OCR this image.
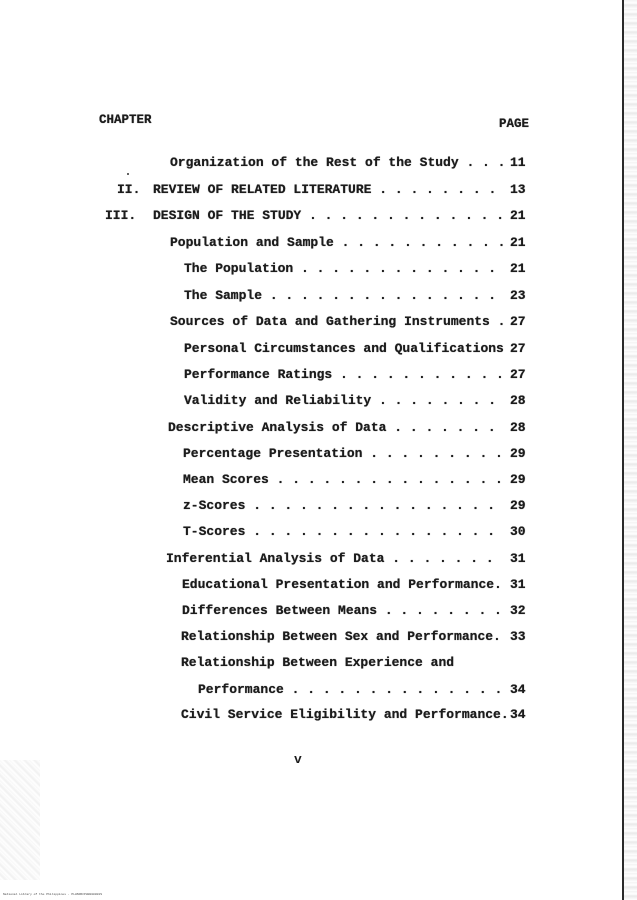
CHAPTER	PAGE
Organization of the Rest of the Study . . . 11
II. REVIEW OF RELATED LITERATURE . . . . . . . . 13
III. DESIGN OF THE STUDY . . . . . . . . . . . . . 21
Population and Sample . . . . . . . . . . . 21
The Population . . . . . . . . . . . . . 21
The Sample . . . . . . . . . . . . . . . 23
Sources of Data and Gathering Instruments . 27
Personal Circumstances and Qualifications 27
Performance Ratings . . . . . . . . . . . 27
Validity and Reliability . . . . . . . . 28
Descriptive Analysis of Data . . . . . . . 28
Percentage Presentation . . . . . . . . . 29
Mean Scores . . . . . . . . . . . . . . . 29
z-Scores . . . . . . . . . . . . . . . . 29
T-Scores . . . . . . . . . . . . . . . . 30
Inferential Analysis of Data . . . . . . . 31
Educational Presentation and Performance. 31
Differences Between Means . . . . . . . . 32
Relationship Between Sex and Performance. 33
Relationship Between Experience and
Performance . . . . . . . . . . . . . . 34
Civil Service Eligibility and Performance. 34
v
National Library of the Philippines · PLHSDOCPH0000001S
